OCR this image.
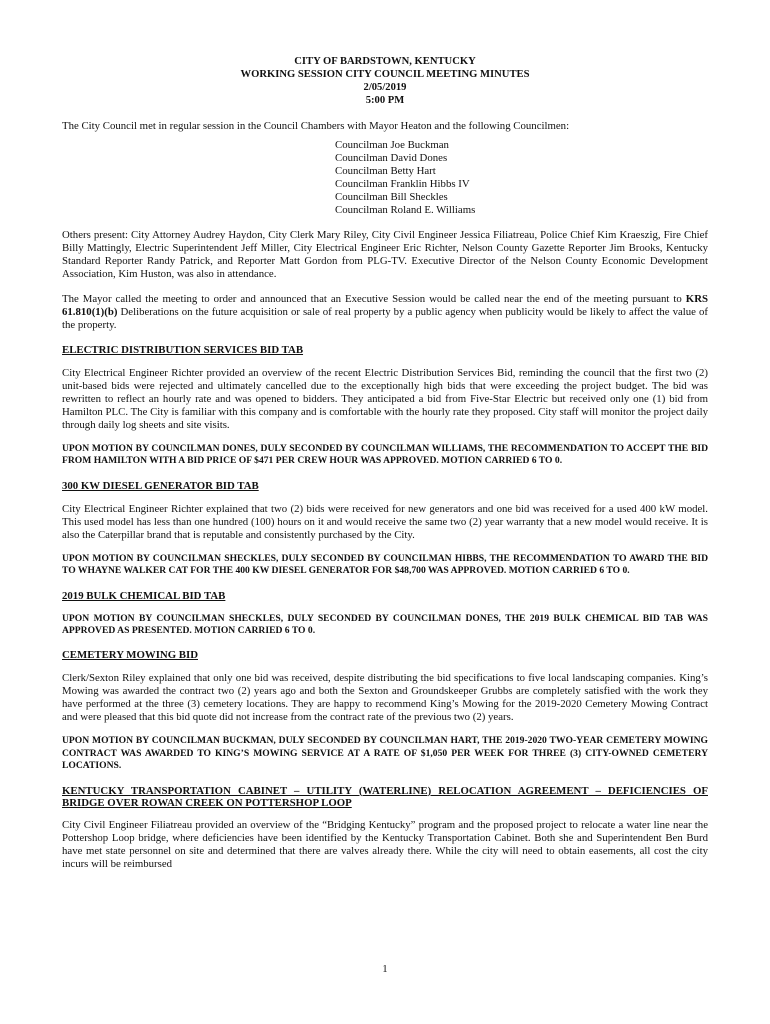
CITY OF BARDSTOWN, KENTUCKY
WORKING SESSION CITY COUNCIL MEETING MINUTES
2/05/2019
5:00 PM

The City Council met in regular session in the Council Chambers with Mayor Heaton and the following Councilmen:

Councilman Joe Buckman
Councilman David Dones
Councilman Betty Hart
Councilman Franklin Hibbs IV
Councilman Bill Sheckles
Councilman Roland E. Williams

Others present: City Attorney Audrey Haydon, City Clerk Mary Riley, City Civil Engineer Jessica Filiatreau, Police Chief Kim Kraeszig, Fire Chief Billy Mattingly, Electric Superintendent Jeff Miller, City Electrical Engineer Eric Richter, Nelson County Gazette Reporter Jim Brooks, Kentucky Standard Reporter Randy Patrick, and Reporter Matt Gordon from PLG-TV. Executive Director of the Nelson County Economic Development Association, Kim Huston, was also in attendance.

The Mayor called the meeting to order and announced that an Executive Session would be called near the end of the meeting pursuant to KRS 61.810(1)(b) Deliberations on the future acquisition or sale of real property by a public agency when publicity would be likely to affect the value of the property.

ELECTRIC DISTRIBUTION SERVICES BID TAB

City Electrical Engineer Richter provided an overview of the recent Electric Distribution Services Bid, reminding the council that the first two (2) unit-based bids were rejected and ultimately cancelled due to the exceptionally high bids that were exceeding the project budget. The bid was rewritten to reflect an hourly rate and was opened to bidders. They anticipated a bid from Five-Star Electric but received only one (1) bid from Hamilton PLC. The City is familiar with this company and is comfortable with the hourly rate they proposed. City staff will monitor the project daily through daily log sheets and site visits.

UPON MOTION BY COUNCILMAN DONES, DULY SECONDED BY COUNCILMAN WILLIAMS, THE RECOMMENDATION TO ACCEPT THE BID FROM HAMILTON WITH A BID PRICE OF $471 PER CREW HOUR WAS APPROVED. MOTION CARRIED 6 TO 0.
300 KW DIESEL GENERATOR BID TAB

City Electrical Engineer Richter explained that two (2) bids were received for new generators and one bid was received for a used 400 kW model. This used model has less than one hundred (100) hours on it and would receive the same two (2) year warranty that a new model would receive. It is also the Caterpillar brand that is reputable and consistently purchased by the City.

UPON MOTION BY COUNCILMAN SHECKLES, DULY SECONDED BY COUNCILMAN HIBBS, THE RECOMMENDATION TO AWARD THE BID TO WHAYNE WALKER CAT FOR THE 400 KW DIESEL GENERATOR FOR $48,700 WAS APPROVED. MOTION CARRIED 6 TO 0.
2019 BULK CHEMICAL BID TAB
UPON MOTION BY COUNCILMAN SHECKLES, DULY SECONDED BY COUNCILMAN DONES, THE 2019 BULK CHEMICAL BID TAB WAS APPROVED AS PRESENTED. MOTION CARRIED 6 TO 0.
CEMETERY MOWING BID

Clerk/Sexton Riley explained that only one bid was received, despite distributing the bid specifications to five local landscaping companies. King’s Mowing was awarded the contract two (2) years ago and both the Sexton and Groundskeeper Grubbs are completely satisfied with the work they have performed at the three (3) cemetery locations. They are happy to recommend King’s Mowing for the 2019-2020 Cemetery Mowing Contract and were pleased that this bid quote did not increase from the contract rate of the previous two (2) years.

UPON MOTION BY COUNCILMAN BUCKMAN, DULY SECONDED BY COUNCILMAN HART, THE 2019-2020 TWO-YEAR CEMETERY MOWING CONTRACT WAS AWARDED TO KING’S MOWING SERVICE AT A RATE OF $1,050 PER WEEK FOR THREE (3) CITY-OWNED CEMETERY LOCATIONS.
KENTUCKY TRANSPORTATION CABINET – UTILITY (WATERLINE) RELOCATION AGREEMENT – DEFICIENCIES OF BRIDGE OVER ROWAN CREEK ON POTTERSHOP LOOP

City Civil Engineer Filiatreau provided an overview of the “Bridging Kentucky” program and the proposed project to relocate a water line near the Pottershop Loop bridge, where deficiencies have been identified by the Kentucky Transportation Cabinet. Both she and Superintendent Ben Burd have met state personnel on site and determined that there are valves already there. While the city will need to obtain easements, all cost the city incurs will be reimbursed

1
